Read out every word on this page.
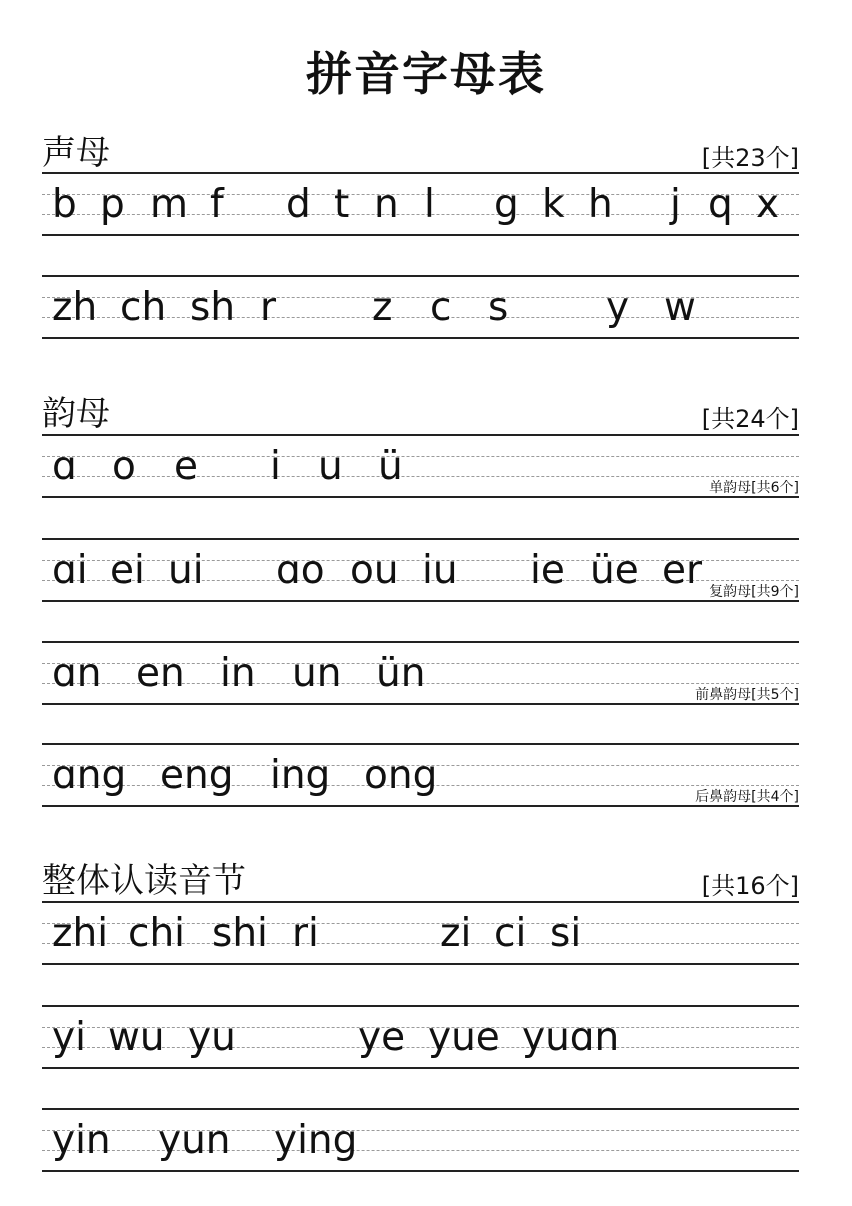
拼音字母表
声母	[共23个]
b p m f d t n l g k h j q x
zh ch sh r z c s	y w
韵母	[共24个]
ɑ o e i u ü	单韵母[共6个]
ɑi ei ui ɑo ou iu ie üe er 复韵母[共9个]
ɑn en in un ün	前鼻韵母[共5个]
ɑng eng ing ong	后鼻韵母[共4个]
整体认读音节	[共16个]
zhi chi shi ri	zi ci si
yi wu yu	ye yue yuɑn
yin yun ying
